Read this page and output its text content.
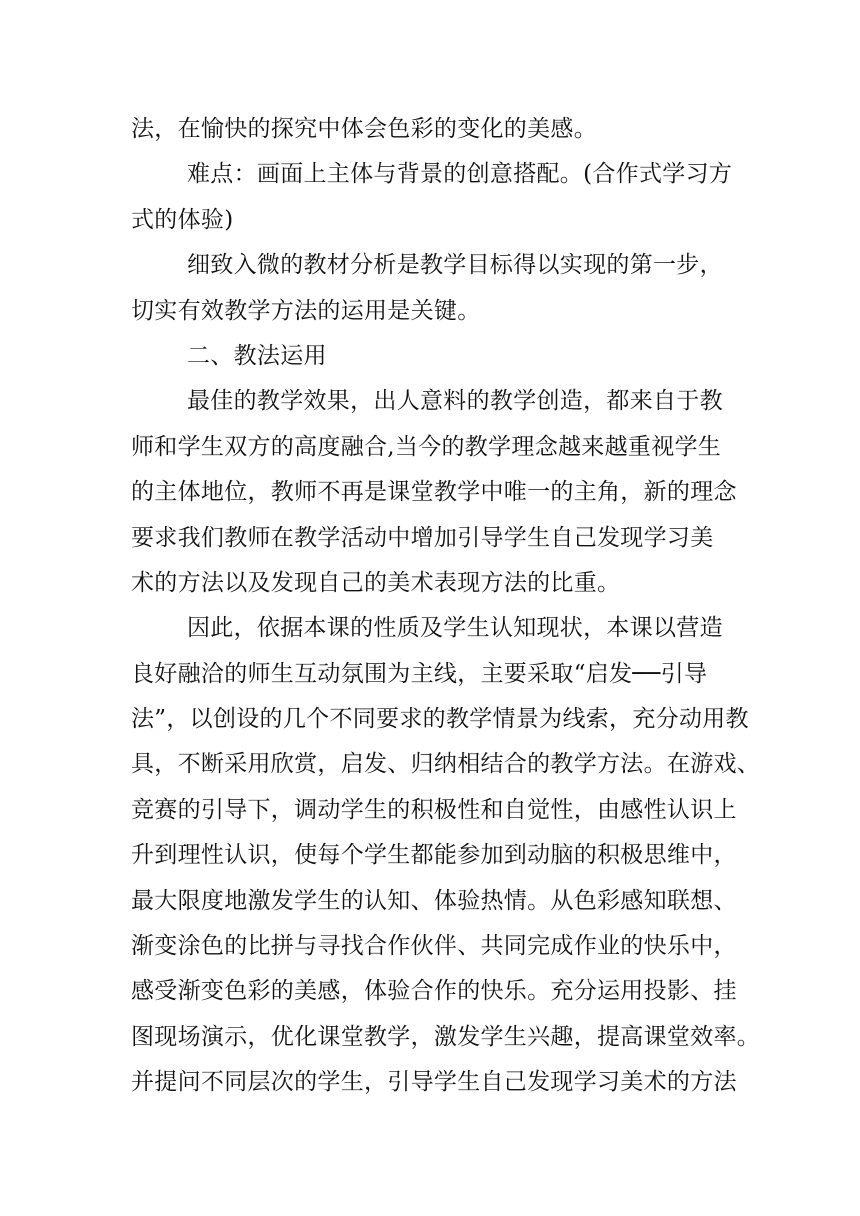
法，在愉快的探究中体会色彩的变化的美感。
难点：画面上主体与背景的创意搭配。(合作式学习方
式的体验)
细致入微的教材分析是教学目标得以实现的第一步，
切实有效教学方法的运用是关键。
二、教法运用
最佳的教学效果，出人意料的教学创造，都来自于教
师和学生双方的高度融合,当今的教学理念越来越重视学生
的主体地位，教师不再是课堂教学中唯一的主角，新的理念
要求我们教师在教学活动中增加引导学生自己发现学习美
术的方法以及发现自己的美术表现方法的比重。
因此，依据本课的性质及学生认知现状，本课以营造
良好融洽的师生互动氛围为主线，主要采取“启发──引导
法”，以创设的几个不同要求的教学情景为线索，充分动用教
具，不断采用欣赏，启发、归纳相结合的教学方法。在游戏、
竞赛的引导下，调动学生的积极性和自觉性，由感性认识上
升到理性认识，使每个学生都能参加到动脑的积极思维中，
最大限度地激发学生的认知、体验热情。从色彩感知联想、
渐变涂色的比拼与寻找合作伙伴、共同完成作业的快乐中，
感受渐变色彩的美感，体验合作的快乐。充分运用投影、挂
图现场演示，优化课堂教学，激发学生兴趣，提高课堂效率。
并提问不同层次的学生，引导学生自己发现学习美术的方法
